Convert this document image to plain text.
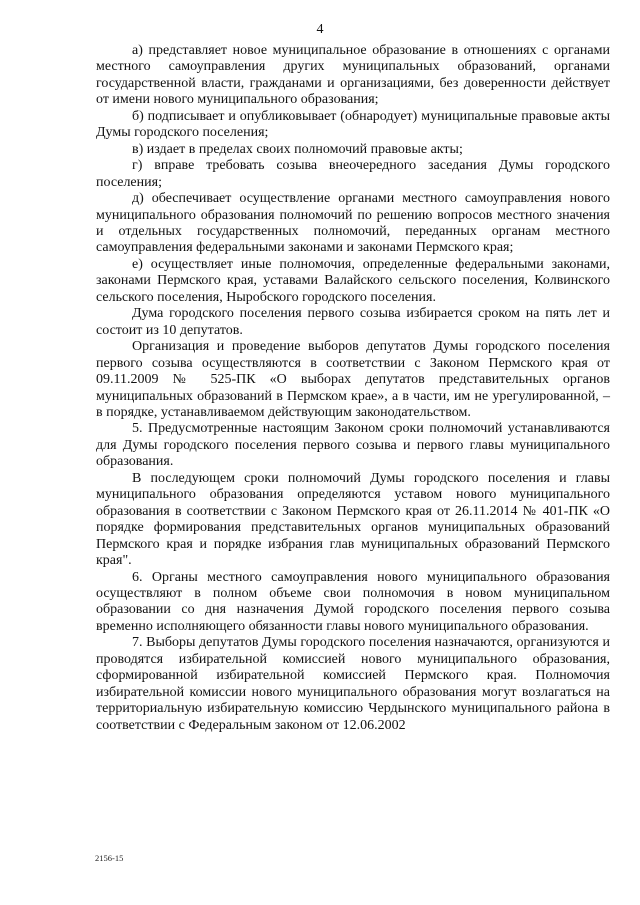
4

а) представляет новое муниципальное образование в отношениях с органами местного самоуправления других муниципальных образований, органами государственной власти, гражданами и организациями, без доверенности действует от имени нового муниципального образования;

б) подписывает и опубликовывает (обнародует) муниципальные правовые акты Думы городского поселения;

в) издает в пределах своих полномочий правовые акты;

г) вправе требовать созыва внеочередного заседания Думы городского поселения;

д) обеспечивает осуществление органами местного самоуправления нового муниципального образования полномочий по решению вопросов местного значения и отдельных государственных полномочий, переданных органам местного самоуправления федеральными законами и законами Пермского края;

е) осуществляет иные полномочия, определенные федеральными законами, законами Пермского края, уставами Валайского сельского поселения, Колвинского сельского поселения, Ныробского городского поселения.

Дума городского поселения первого созыва избирается сроком на пять лет и состоит из 10 депутатов.

Организация и проведение выборов депутатов Думы городского поселения первого созыва осуществляются в соответствии с Законом Пермского края от 09.11.2009 № 525-ПК «О выборах депутатов представительных органов муниципальных образований в Пермском крае», а в части, им не урегулированной, – в порядке, устанавливаемом действующим законодательством.

5. Предусмотренные настоящим Законом сроки полномочий устанавливаются для Думы городского поселения первого созыва и первого главы муниципального образования.

В последующем сроки полномочий Думы городского поселения и главы муниципального образования определяются уставом нового муниципального образования в соответствии с Законом Пермского края от 26.11.2014 № 401-ПК «О порядке формирования представительных органов муниципальных образований Пермского края и порядке избрания глав муниципальных образований Пермского края".

6. Органы местного самоуправления нового муниципального образования осуществляют в полном объеме свои полномочия в новом муниципальном образовании со дня назначения Думой городского поселения первого созыва временно исполняющего обязанности главы нового муниципального образования.

7. Выборы депутатов Думы городского поселения назначаются, организуются и проводятся избирательной комиссией нового муниципального образования, сформированной избирательной комиссией Пермского края. Полномочия избирательной комиссии нового муниципального образования могут возлагаться на территориальную избирательную комиссию Чердынского муниципального района в соответствии с Федеральным законом от 12.06.2002

2156-15
